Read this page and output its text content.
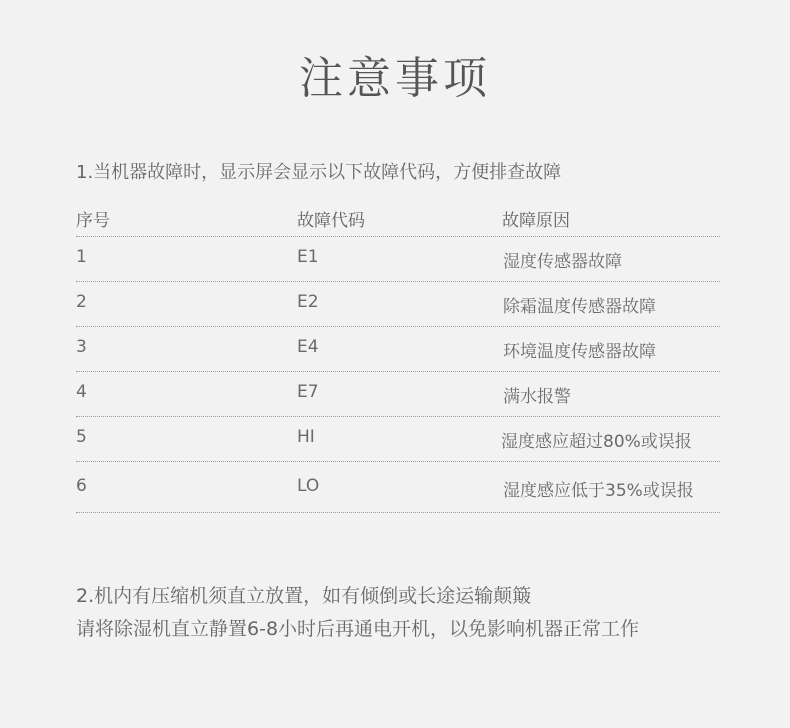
注意事项
1.当机器故障时，显示屏会显示以下故障代码，方便排查故障
序号	故障代码	故障原因
1	E1	湿度传感器故障
2	E2	除霜温度传感器故障
3	E4	环境温度传感器故障
4	E7	满水报警
5	HI	湿度感应超过80%或误报
6	LO	湿度感应低于35%或误报
2.机内有压缩机须直立放置，如有倾倒或长途运输颠簸
请将除湿机直立静置6-8小时后再通电开机，以免影响机器正常工作
